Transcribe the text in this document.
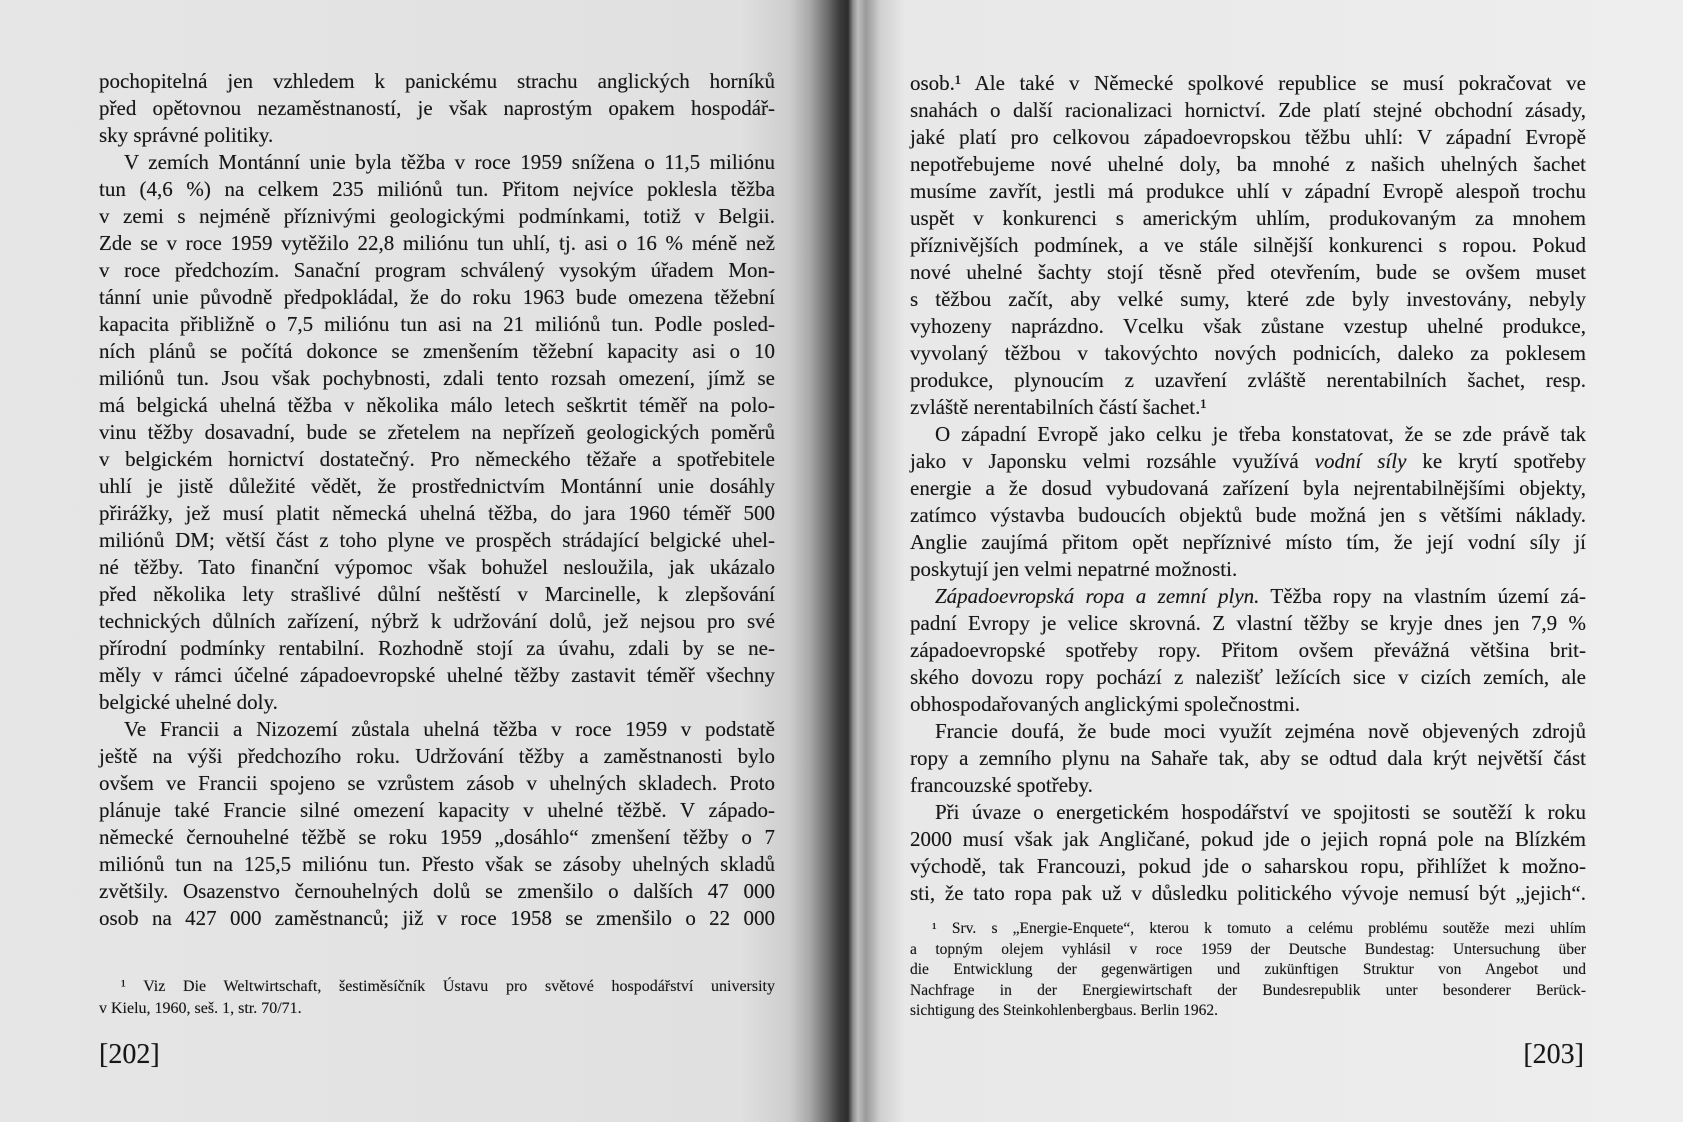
pochopitelná jen vzhledem k panickému strachu anglických horníků
před opětovnou nezaměstnaností, je však naprostým opakem hospodář-
sky správné politiky.
V zemích Montánní unie byla těžba v roce 1959 snížena o 11,5 miliónu
tun (4,6 %) na celkem 235 miliónů tun. Přitom nejvíce poklesla těžba
v zemi s nejméně příznivými geologickými podmínkami, totiž v Belgii.
Zde se v roce 1959 vytěžilo 22,8 miliónu tun uhlí, tj. asi o 16 % méně než
v roce předchozím. Sanační program schválený vysokým úřadem Mon-
tánní unie původně předpokládal, že do roku 1963 bude omezena těžební
kapacita přibližně o 7,5 miliónu tun asi na 21 miliónů tun. Podle posled-
ních plánů se počítá dokonce se zmenšením těžební kapacity asi o 10
miliónů tun. Jsou však pochybnosti, zdali tento rozsah omezení, jímž se
má belgická uhelná těžba v několika málo letech seškrtit téměř na polo-
vinu těžby dosavadní, bude se zřetelem na nepřízeň geologických poměrů
v belgickém hornictví dostatečný. Pro německého těžaře a spotřebitele
uhlí je jistě důležité vědět, že prostřednictvím Montánní unie dosáhly
přirážky, jež musí platit německá uhelná těžba, do jara 1960 téměř 500
miliónů DM; větší část z toho plyne ve prospěch strádající belgické uhel-
né těžby. Tato finanční výpomoc však bohužel nesloužila, jak ukázalo
před několika lety strašlivé důlní neštěstí v Marcinelle, k zlepšování
technických důlních zařízení, nýbrž k udržování dolů, jež nejsou pro své
přírodní podmínky rentabilní. Rozhodně stojí za úvahu, zdali by se ne-
měly v rámci účelné západoevropské uhelné těžby zastavit téměř všechny
belgické uhelné doly.
Ve Francii a Nizozemí zůstala uhelná těžba v roce 1959 v podstatě
ještě na výši předchozího roku. Udržování těžby a zaměstnanosti bylo
ovšem ve Francii spojeno se vzrůstem zásob v uhelných skladech. Proto
plánuje také Francie silné omezení kapacity v uhelné těžbě. V západo-
německé černouhelné těžbě se roku 1959 „dosáhlo“ zmenšení těžby o 7
miliónů tun na 125,5 miliónu tun. Přesto však se zásoby uhelných skladů
zvětšily. Osazenstvo černouhelných dolů se zmenšilo o dalších 47 000
osob na 427 000 zaměstnanců; již v roce 1958 se zmenšilo o 22 000
¹ Viz Die Weltwirtschaft, šestiměsíčník Ústavu pro světové hospodářství university
v Kielu, 1960, seš. 1, str. 70/71.
[202]
osob.¹ Ale také v Německé spolkové republice se musí pokračovat ve
snahách o další racionalizaci hornictví. Zde platí stejné obchodní zásady,
jaké platí pro celkovou západoevropskou těžbu uhlí: V západní Evropě
nepotřebujeme nové uhelné doly, ba mnohé z našich uhelných šachet
musíme zavřít, jestli má produkce uhlí v západní Evropě alespoň trochu
uspět v konkurenci s americkým uhlím, produkovaným za mnohem
příznivějších podmínek, a ve stále silnější konkurenci s ropou. Pokud
nové uhelné šachty stojí těsně před otevřením, bude se ovšem muset
s těžbou začít, aby velké sumy, které zde byly investovány, nebyly
vyhozeny naprázdno. Vcelku však zůstane vzestup uhelné produkce,
vyvolaný těžbou v takovýchto nových podnicích, daleko za poklesem
produkce, plynoucím z uzavření zvláště nerentabilních šachet, resp.
zvláště nerentabilních částí šachet.¹
O západní Evropě jako celku je třeba konstatovat, že se zde právě tak
jako v Japonsku velmi rozsáhle využívá vodní síly ke krytí spotřeby
energie a že dosud vybudovaná zařízení byla nejrentabilnějšími objekty,
zatímco výstavba budoucích objektů bude možná jen s většími náklady.
Anglie zaujímá přitom opět nepříznivé místo tím, že její vodní síly jí
poskytují jen velmi nepatrné možnosti.
Západoevropská ropa a zemní plyn. Těžba ropy na vlastním území zá-
padní Evropy je velice skrovná. Z vlastní těžby se kryje dnes jen 7,9 %
západoevropské spotřeby ropy. Přitom ovšem převážná většina brit-
ského dovozu ropy pochází z nalezišť ležících sice v cizích zemích, ale
obhospodařovaných anglickými společnostmi.
Francie doufá, že bude moci využít zejména nově objevených zdrojů
ropy a zemního plynu na Sahaře tak, aby se odtud dala krýt největší část
francouzské spotřeby.
Při úvaze o energetickém hospodářství ve spojitosti se soutěží k roku
2000 musí však jak Angličané, pokud jde o jejich ropná pole na Blízkém
východě, tak Francouzi, pokud jde o saharskou ropu, přihlížet k možno-
sti, že tato ropa pak už v důsledku politického vývoje nemusí být „jejich“.
¹ Srv. s „Energie-Enquete“, kterou k tomuto a celému problému soutěže mezi uhlím
a topným olejem vyhlásil v roce 1959 der Deutsche Bundestag: Untersuchung über
die Entwicklung der gegenwärtigen und zukünftigen Struktur von Angebot und
Nachfrage in der Energiewirtschaft der Bundesrepublik unter besonderer Berück-
sichtigung des Steinkohlenbergbaus. Berlin 1962.
[203]
